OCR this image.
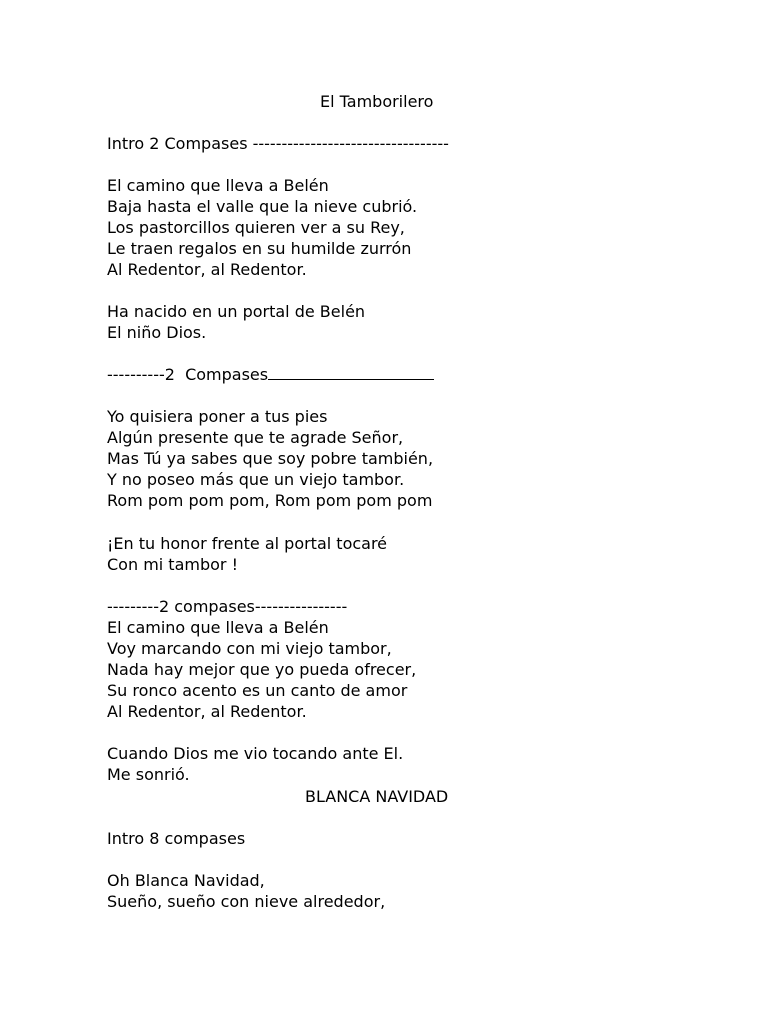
El Tamborilero
Intro 2 Compases ----------------------------------
El camino que lleva a Belén
Baja hasta el valle que la nieve cubrió.
Los pastorcillos quieren ver a su Rey,
Le traen regalos en su humilde zurrón
Al Redentor, al Redentor.
Ha nacido en un portal de Belén
El niño Dios.
----------2  Compases
Yo quisiera poner a tus pies
Algún presente que te agrade Señor,
Mas Tú ya sabes que soy pobre también,
Y no poseo más que un viejo tambor.
Rom pom pom pom, Rom pom pom pom
¡En tu honor frente al portal tocaré
Con mi tambor !
---------2 compases----------------
El camino que lleva a Belén
Voy marcando con mi viejo tambor,
Nada hay mejor que yo pueda ofrecer,
Su ronco acento es un canto de amor
Al Redentor, al Redentor.
Cuando Dios me vio tocando ante El.
Me sonrió.
BLANCA NAVIDAD
Intro 8 compases
Oh Blanca Navidad,
Sueño, sueño con nieve alrededor,
